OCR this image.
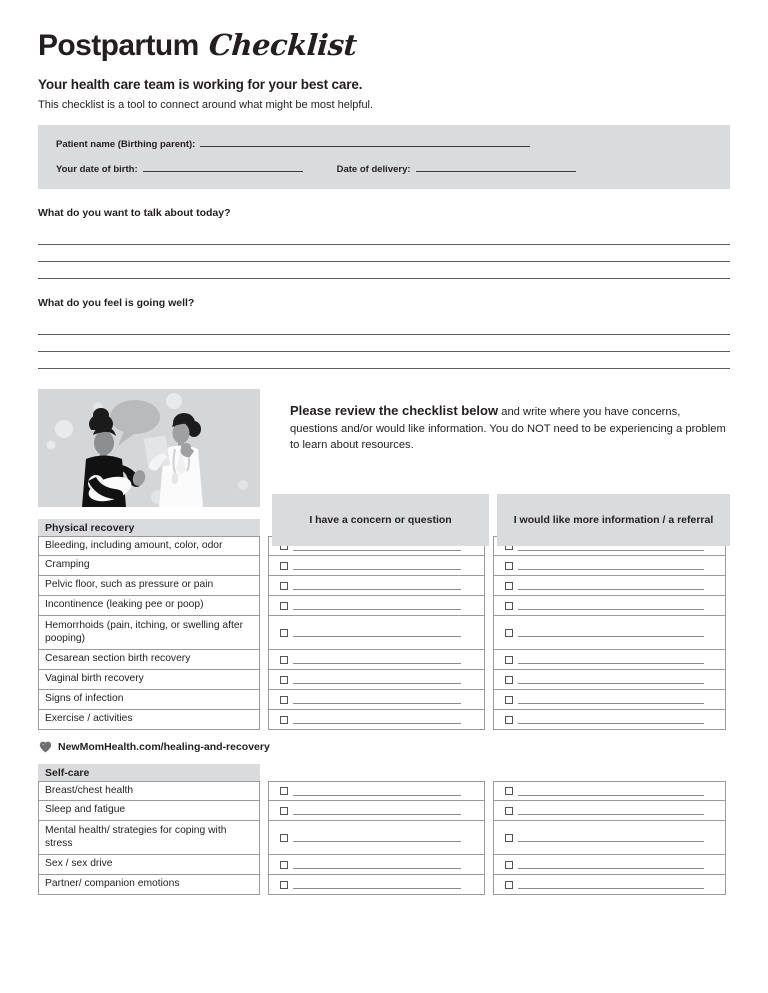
Postpartum Checklist
Your health care team is working for your best care.
This checklist is a tool to connect around what might be most helpful.
Patient name (Birthing parent):
Your date of birth:	Date of delivery:
What do you want to talk about today?
What do you feel is going well?

Please review the checklist below and write where you have concerns, questions and/or would like information. You do NOT need to be experiencing a problem to learn about resources.

I have a concern or question	I would like more information / a referral
Physical recovery
Bleeding, including amount, color, odor
Cramping
Pelvic floor, such as pressure or pain
Incontinence (leaking pee or poop)
Hemorrhoids (pain, itching, or swelling after pooping)
Cesarean section birth recovery
Vaginal birth recovery
Signs of infection
Exercise / activities
NewMomHealth.com/healing-and-recovery
Self-care
Breast/chest health
Sleep and fatigue
Mental health/ strategies for coping with stress
Sex / sex drive
Partner/ companion emotions
